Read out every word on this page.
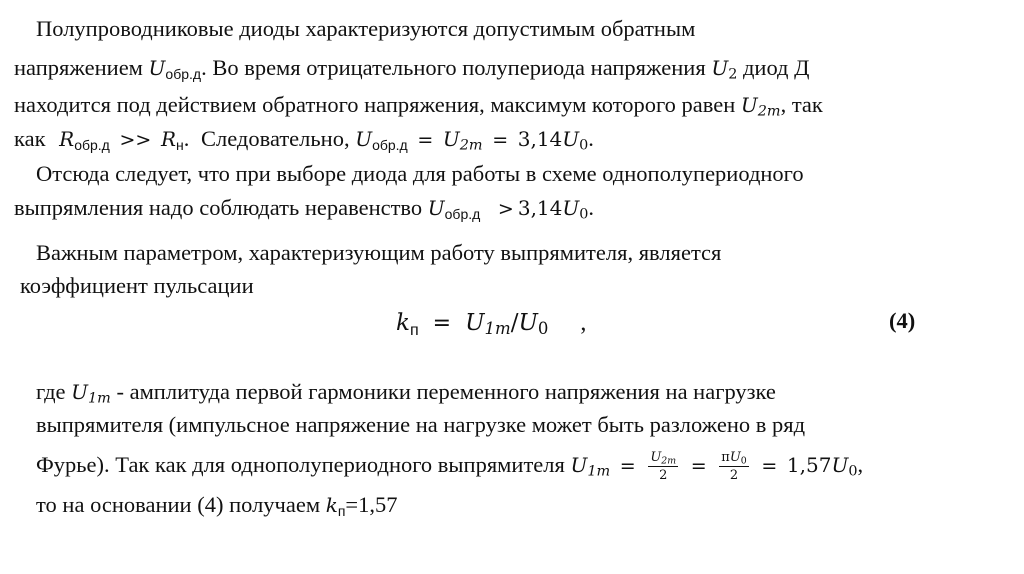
Полупроводниковые диоды характеризуются допустимым обратным
напряжением $U_{обр.д}$. Во время отрицательного полупериода напряжения $U_2$ диод Д
находится под действием обратного напряжения, максимум которого равен $U_{2m}$, так
как $R_{обр.д} >> R_н$. Следовательно, $U_{обр.д} = U_{2m} = 3,14U_0$.
Отсюда следует, что при выборе диода для работы в схеме однополупериодного
выпрямления надо соблюдать неравенство $U_{обр.д} > 3,14U_0$.
Важным параметром, характеризующим работу выпрямителя, является
коэффициент пульсации
$k_п = U_{1m}/U_0$ ,	(4)
где $U_{1m}$ - амплитуда первой гармоники переменного напряжения на нагрузке
выпрямителя (импульсное напряжение на нагрузке может быть разложено в ряд
Фурье). Так как для однополупериодного выпрямителя $U_{1m} = \frac{U_{2m}}{2} = \frac{\pi U_0}{2} = 1,57U_0$,
то на основании (4) получаем $k_п=1,57$
